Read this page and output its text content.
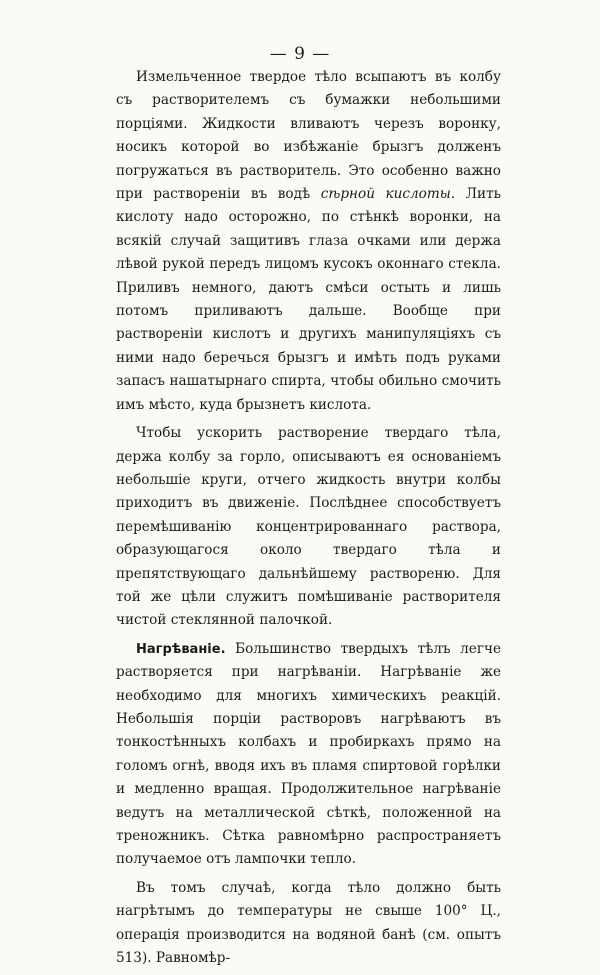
— 9 —

Измельченное твердое тѣло всыпаютъ въ колбу съ растворителемъ съ бумажки небольшими порціями. Жидкости вливаютъ черезъ воронку, носикъ которой во избѣжаніе брызгъ долженъ погружаться въ растворитель. Это особенно важно при раствореніи въ водѣ сѣрной кислоты. Лить кислоту надо осторожно, по стѣнкѣ воронки, на всякій случай защитивъ глаза очками или держа лѣвой рукой передъ лицомъ кусокъ оконнаго стекла. Приливъ немного, даютъ смѣси остыть и лишь потомъ приливаютъ дальше. Вообще при раствореніи кислотъ и другихъ манипуляціяхъ съ ними надо беречься брызгъ и имѣть подъ руками запасъ нашатырнаго спирта, чтобы обильно смочить имъ мѣсто, куда брызнетъ кислота.

Чтобы ускорить растворение твердаго тѣла, держа колбу за горло, описываютъ ея основаніемъ небольшіе круги, отчего жидкость внутри колбы приходитъ въ движеніе. Послѣднее способствуетъ перемѣшиванію концентрированнаго раствора, образующагося около твердаго тѣла и препятствующаго дальнѣйшему раствореню. Для той же цѣли служитъ помѣшиваніе растворителя чистой стеклянной палочкой.

Нагрѣваніе. Большинство твердыхъ тѣлъ легче растворяется при нагрѣваніи. Нагрѣваніе же необходимо для многихъ химическихъ реакцій. Небольшія порціи растворовъ нагрѣваютъ въ тонкостѣнныхъ колбахъ и пробиркахъ прямо на голомъ огнѣ, вводя ихъ въ пламя спиртовой горѣлки и медленно вращая. Продолжительное нагрѣваніе ведутъ на металлической сѣткѣ, положенной на треножникъ. Сѣтка равномѣрно распространяетъ получаемое отъ лампочки тепло.

Въ томъ случаѣ, когда тѣло должно быть нагрѣтымъ до температуры не свыше 100° Ц., операція производится на водяной банѣ (см. опытъ 513). Равномѣр-
